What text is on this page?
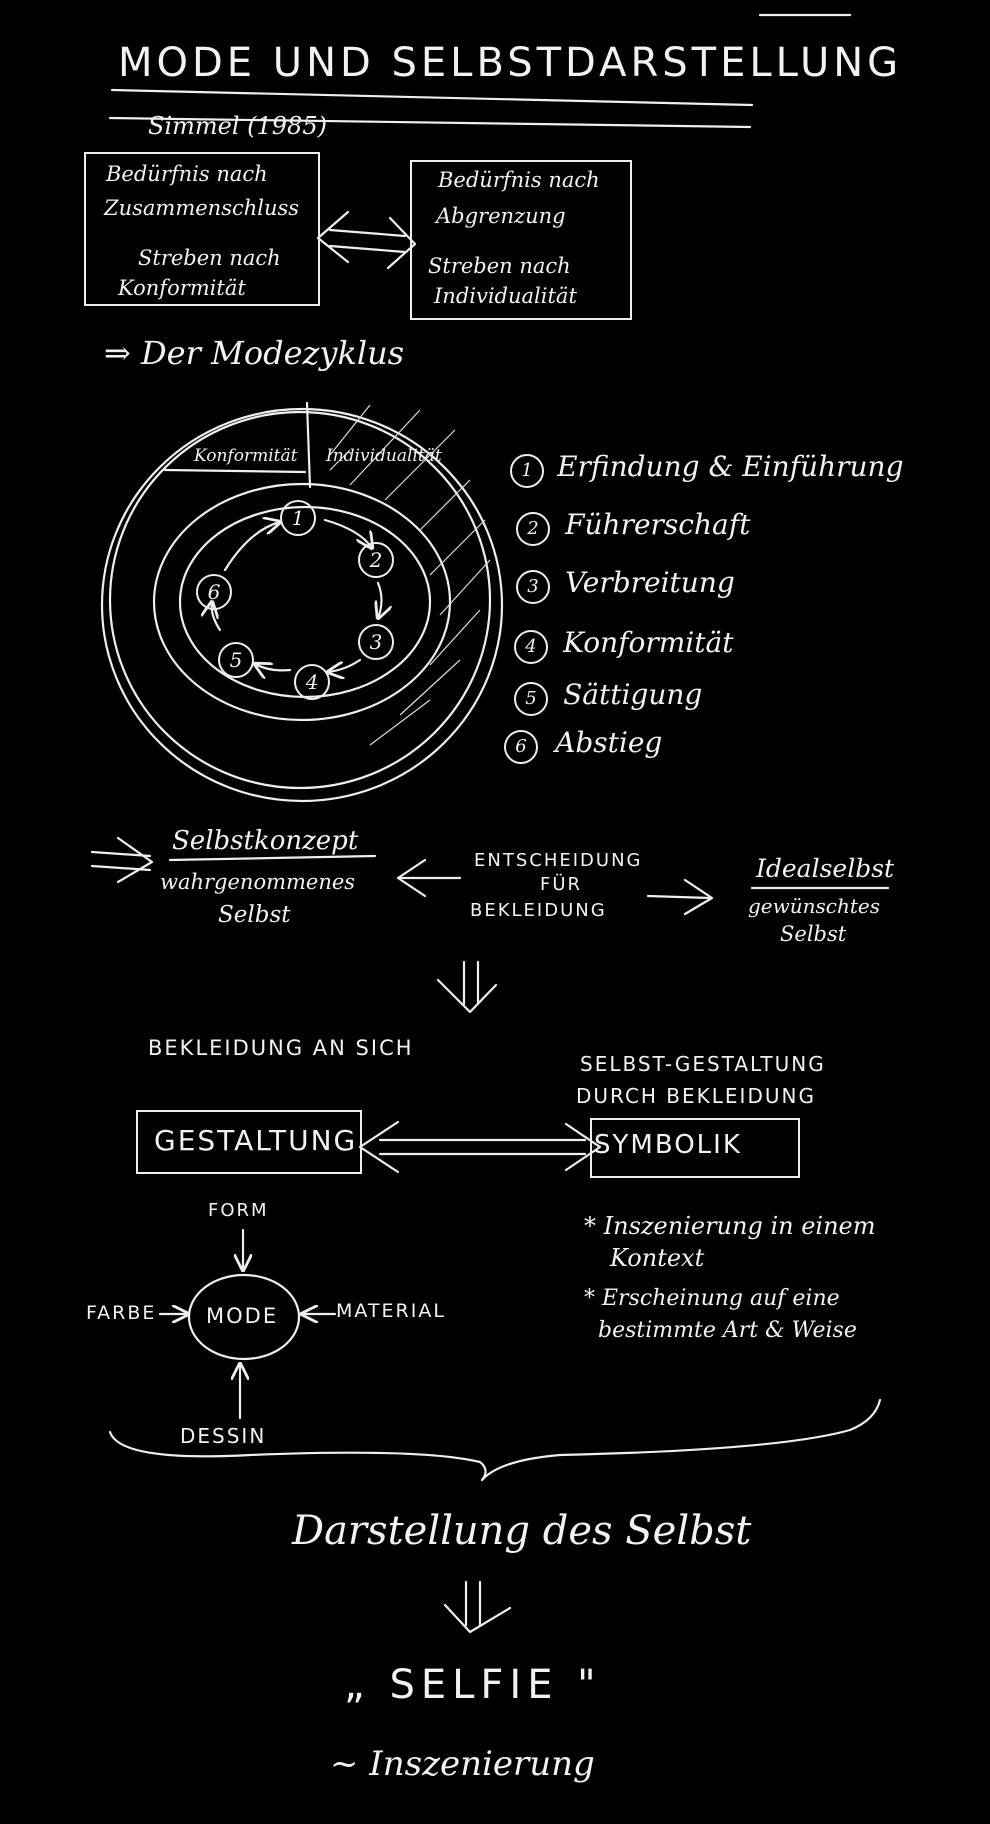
MODE UND SELBSTDARSTELLUNG
Simmel (1985)
Bedürfnis nach
Zusammenschluss
Streben nach
Konformität
Bedürfnis nach
Abgrenzung
Streben nach
Individualität
⇒ Der Modezyklus
Konformität Individualität
1
2
3
4
5
6
1 Erfindung & Einführung
2 Führerschaft
3 Verbreitung
4 Konformität
5 Sättigung
6 Abstieg
Selbstkonzept
wahrgenommenes
Selbst
ENTSCHEIDUNG
FÜR
BEKLEIDUNG
Idealselbst
gewünschtes
Selbst
BEKLEIDUNG AN SICH
SELBST-GESTALTUNG
DURCH BEKLEIDUNG
GESTALTUNG	SYMBOLIK
MODE
FORM
FARBE	MATERIAL
DESSIN
* Inszenierung in einem
Kontext
* Erscheinung auf eine
bestimmte Art & Weise
Darstellung des Selbst
„ SELFIE "
~ Inszenierung
